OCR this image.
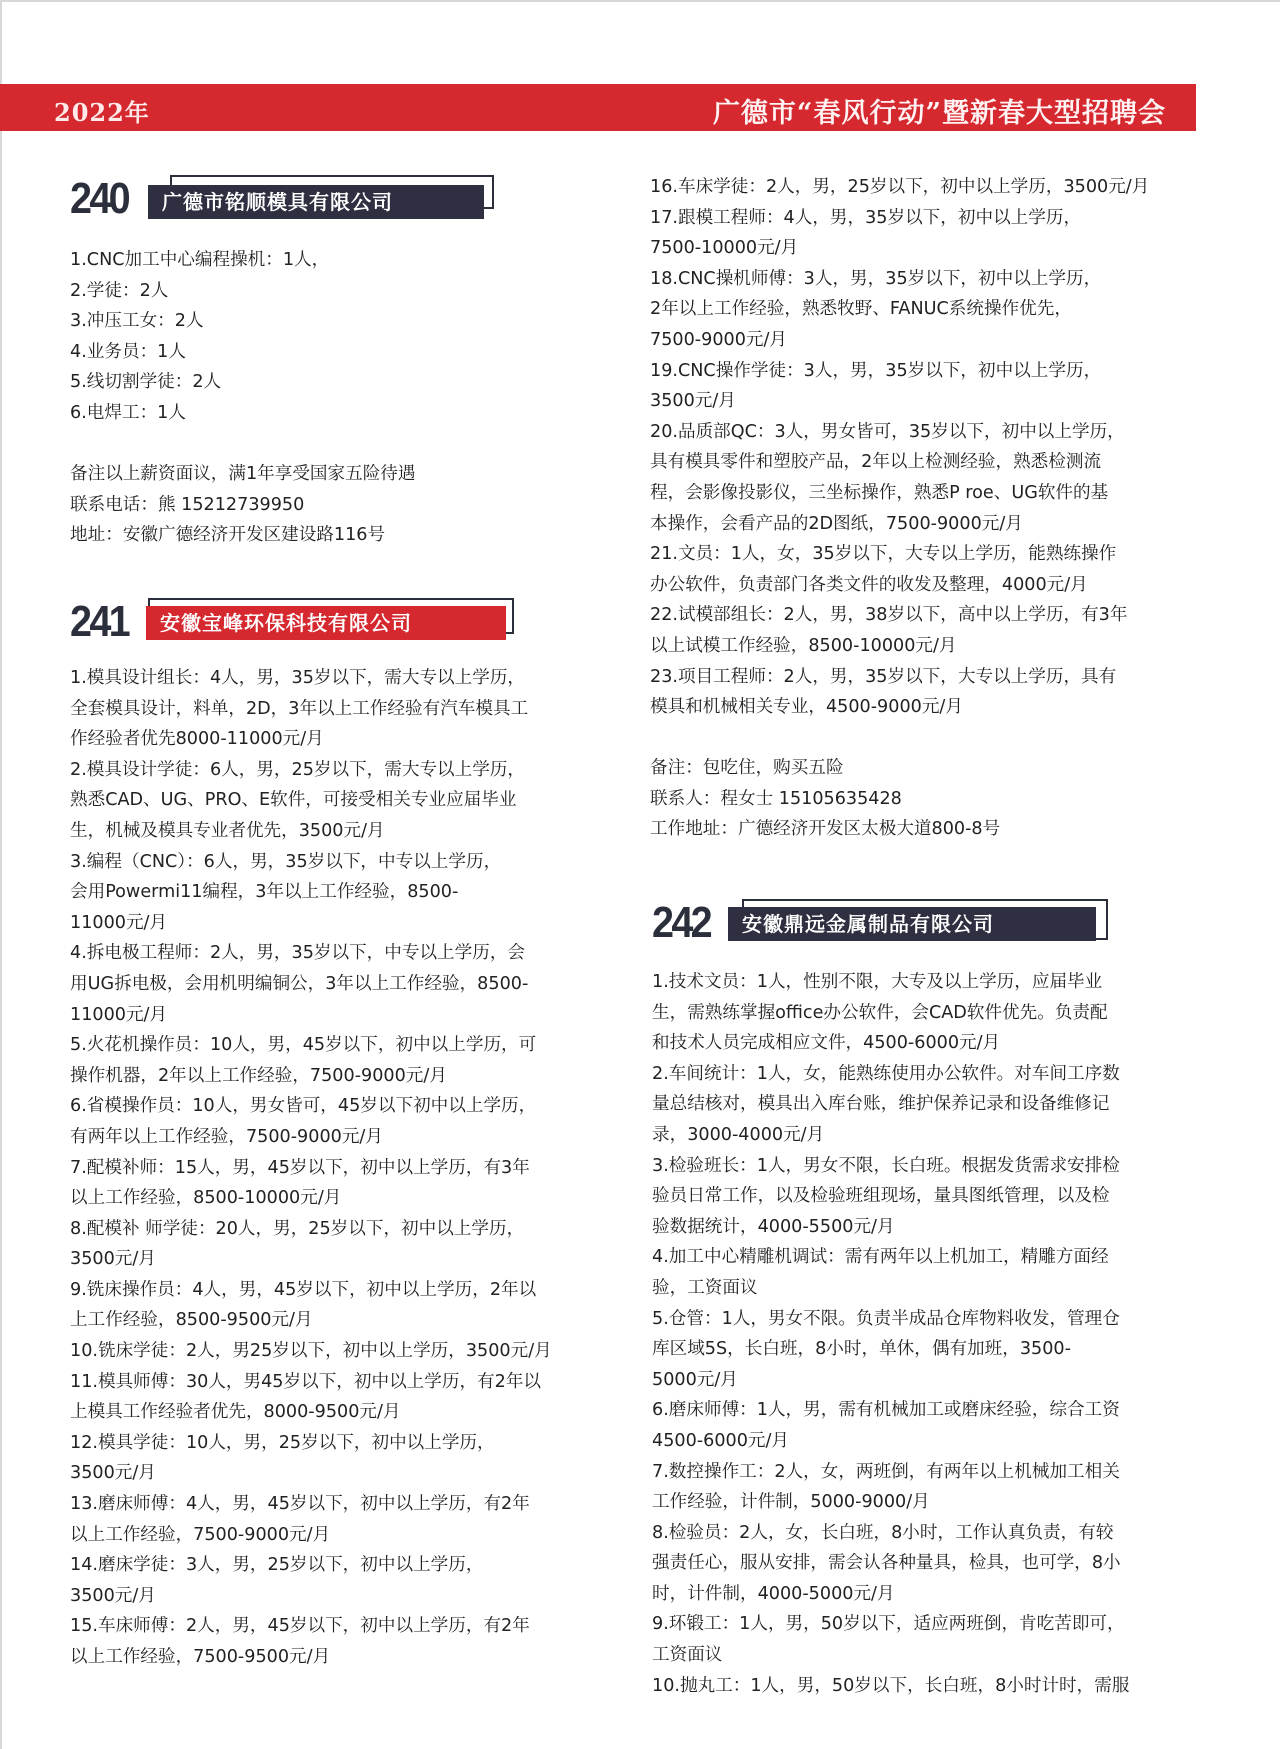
2022年	广德市“春风行动”暨新春大型招聘会
广德市铭顺模具有限公司
240
1.CNC加工中心编程操机：1人，
2.学徒：2人
3.冲压工女：2人
4.业务员：1人
5.线切割学徒：2人
6.电焊工：1人
备注以上薪资面议，满1年享受国家五险待遇
联系电话：熊 15212739950
地址：安徽广德经济开发区建设路116号
安徽宝峰环保科技有限公司
241
1.模具设计组长：4人，男，35岁以下，需大专以上学历，
全套模具设计，料单，2D，3年以上工作经验有汽车模具工
作经验者优先8000-11000元/月
2.模具设计学徒：6人，男，25岁以下，需大专以上学历，
熟悉CAD、UG、PRO、E软件，可接受相关专业应届毕业
生，机械及模具专业者优先，3500元/月
3.编程（CNC）：6人，男，35岁以下，中专以上学历，
会用Powermi11编程，3年以上工作经验，8500-
11000元/月
4.拆电极工程师：2人，男，35岁以下，中专以上学历，会
用UG拆电极，会用机明编铜公，3年以上工作经验，8500-
11000元/月
5.火花机操作员：10人，男，45岁以下，初中以上学历，可
操作机器，2年以上工作经验，7500-9000元/月
6.省模操作员：10人，男女皆可，45岁以下初中以上学历，
有两年以上工作经验，7500-9000元/月
7.配模补师：15人，男，45岁以下，初中以上学历，有3年
以上工作经验，8500-10000元/月
8.配模补 师学徒：20人，男，25岁以下，初中以上学历，
3500元/月
9.铣床操作员：4人，男，45岁以下，初中以上学历，2年以
上工作经验，8500-9500元/月
10.铣床学徒：2人，男25岁以下，初中以上学历，3500元/月
11.模具师傅：30人，男45岁以下，初中以上学历，有2年以
上模具工作经验者优先，8000-9500元/月
12.模具学徒：10人，男，25岁以下，初中以上学历，
3500元/月
13.磨床师傅：4人，男，45岁以下，初中以上学历，有2年
以上工作经验，7500-9000元/月
14.磨床学徒：3人，男，25岁以下，初中以上学历，
3500元/月
15.车床师傅：2人，男，45岁以下，初中以上学历，有2年
以上工作经验，7500-9500元/月
16.车床学徒：2人，男，25岁以下，初中以上学历，3500元/月
17.跟模工程师：4人，男，35岁以下，初中以上学历，
7500-10000元/月
18.CNC操机师傅：3人，男，35岁以下，初中以上学历，
2年以上工作经验，熟悉牧野、FANUC系统操作优先，
7500-9000元/月
19.CNC操作学徒：3人，男，35岁以下，初中以上学历，
3500元/月
20.品质部QC：3人，男女皆可，35岁以下，初中以上学历，
具有模具零件和塑胶产品，2年以上检测经验，熟悉检测流
程，会影像投影仪，三坐标操作，熟悉P roe、UG软件的基
本操作，会看产品的2D图纸，7500-9000元/月
21.文员：1人，女，35岁以下，大专以上学历，能熟练操作
办公软件，负责部门各类文件的收发及整理，4000元/月
22.试模部组长：2人，男，38岁以下，高中以上学历，有3年
以上试模工作经验，8500-10000元/月
23.项目工程师：2人，男，35岁以下，大专以上学历，具有
模具和机械相关专业，4500-9000元/月
备注：包吃住，购买五险
联系人：程女士 15105635428
工作地址：广德经济开发区太极大道800-8号
安徽鼎远金属制品有限公司
242
1.技术文员：1人，性别不限，大专及以上学历，应届毕业
生，需熟练掌握office办公软件，会CAD软件优先。负责配
和技术人员完成相应文件，4500-6000元/月
2.车间统计：1人，女，能熟练使用办公软件。对车间工序数
量总结核对，模具出入库台账，维护保养记录和设备维修记
录，3000-4000元/月
3.检验班长：1人，男女不限，长白班。根据发货需求安排检
验员日常工作，以及检验班组现场，量具图纸管理，以及检
验数据统计，4000-5500元/月
4.加工中心精雕机调试：需有两年以上机加工，精雕方面经
验，工资面议
5.仓管：1人，男女不限。负责半成品仓库物料收发，管理仓
库区域5S，长白班，8小时，单休，偶有加班，3500-
5000元/月
6.磨床师傅：1人，男，需有机械加工或磨床经验，综合工资
4500-6000元/月
7.数控操作工：2人，女，两班倒，有两年以上机械加工相关
工作经验，计件制，5000-9000/月
8.检验员：2人，女，长白班，8小时，工作认真负责，有较
强责任心，服从安排，需会认各种量具，检具，也可学，8小
时，计件制，4000-5000元/月
9.环锻工：1人，男，50岁以下，适应两班倒，肯吃苦即可，
工资面议
10.抛丸工：1人，男，50岁以下，长白班，8小时计时，需服
